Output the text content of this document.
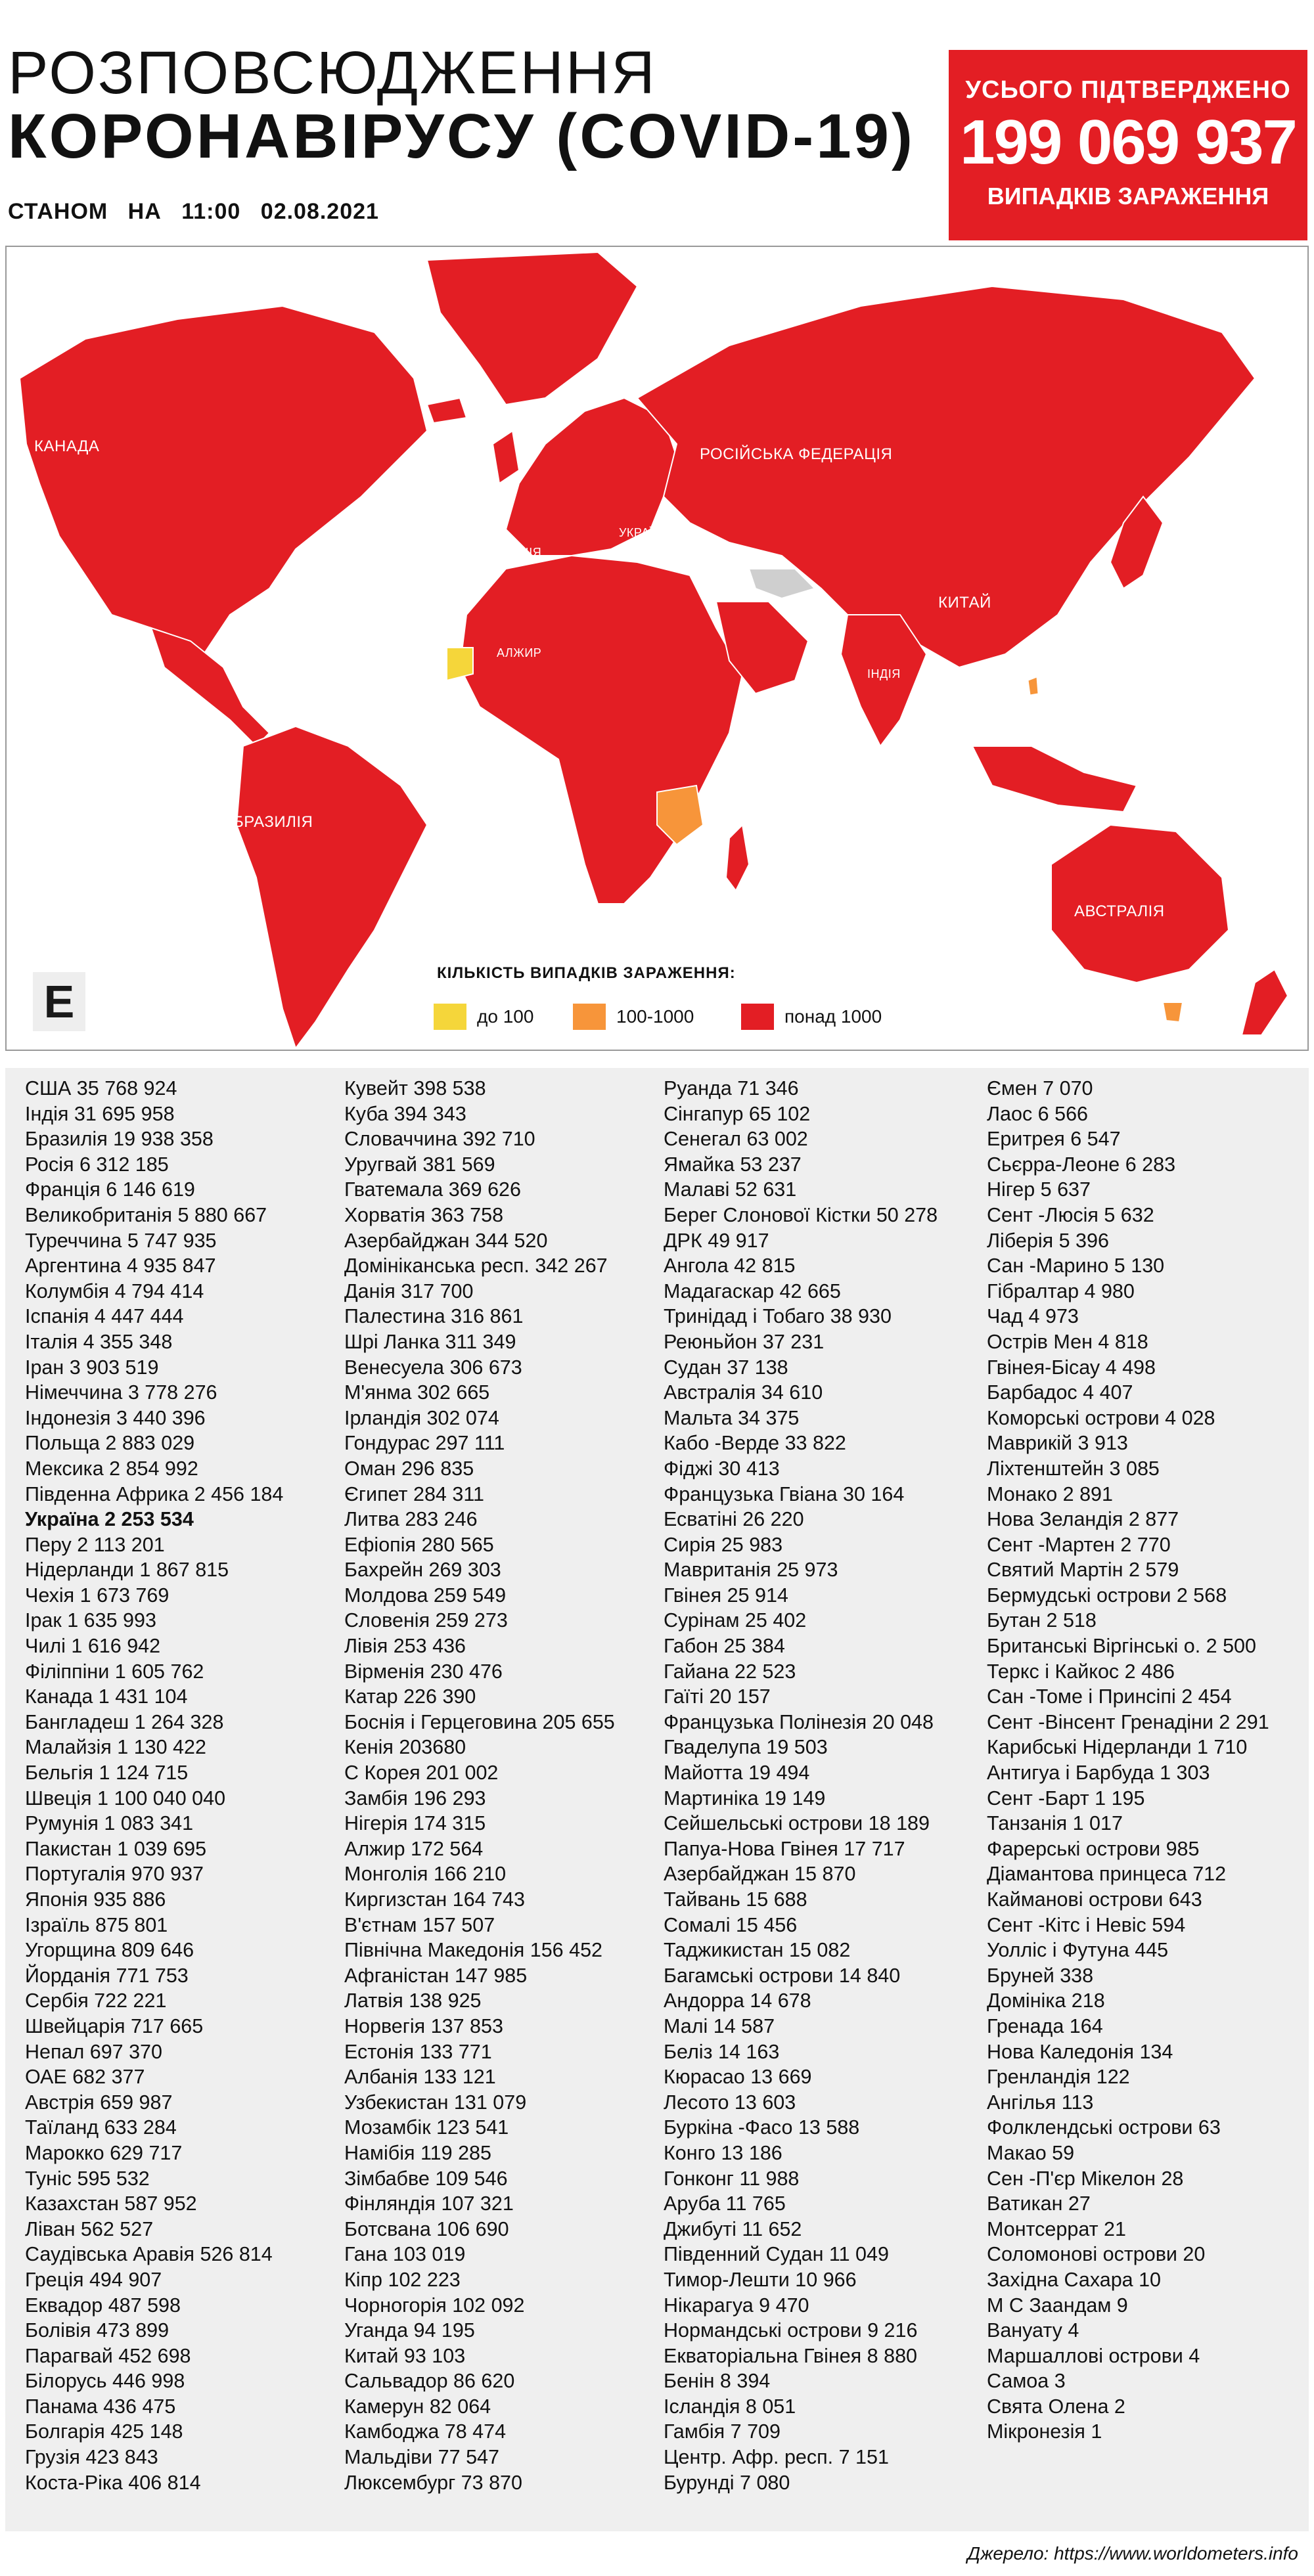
РОЗПОВСЮДЖЕННЯ
КОРОНАВІРУСУ (COVID-19)
СТАНОМ НА 11:00 02.08.2021
УСЬОГО ПІДТВЕРДЖЕНО
199 069 937
ВИПАДКІВ ЗАРАЖЕННЯ
КАНАДА
США
БРАЗИЛІЯ
РОСІЙСЬКА ФЕДЕРАЦІЯ
УКРАЇНА
ФРАНЦІЯ
АЛЖИР
КИТАЙ
ІНДІЯ
АВСТРАЛІЯ
E
КІЛЬКІСТЬ ВИПАДКІВ ЗАРАЖЕННЯ:
до 100	100-1000	понад 1000
США 35 768 924
Індія 31 695 958
Бразилія 19 938 358
Росія 6 312 185
Франція 6 146 619
Великобританія 5 880 667
Туреччина 5 747 935
Аргентина 4 935 847
Колумбія 4 794 414
Іспанія 4 447 444
Італія 4 355 348
Іран 3 903 519
Німеччина 3 778 276
Індонезія 3 440 396
Польща 2 883 029
Мексика 2 854 992
Південна Африка 2 456 184
Україна 2 253 534
Перу 2 113 201
Нідерланди 1 867 815
Чехія 1 673 769
Ірак 1 635 993
Чилі 1 616 942
Філіппіни 1 605 762
Канада 1 431 104
Бангладеш 1 264 328
Малайзія 1 130 422
Бельгія 1 124 715
Швеція 1 100 040 040
Румунія 1 083 341
Пакистан 1 039 695
Португалія 970 937
Японія 935 886
Ізраїль 875 801
Угорщина 809 646
Йорданія 771 753
Сербія 722 221
Швейцарія 717 665
Непал 697 370
ОАЕ 682 377
Австрія 659 987
Таїланд 633 284
Марокко 629 717
Туніс 595 532
Казахстан 587 952
Ліван 562 527
Саудівська Аравія 526 814
Греція 494 907
Еквадор 487 598
Болівія 473 899
Парагвай 452 698
Білорусь 446 998
Панама 436 475
Болгарія 425 148
Грузія 423 843
Коста-Ріка 406 814
Кувейт 398 538
Куба 394 343
Словаччина 392 710
Уругвай 381 569
Гватемала 369 626
Хорватія 363 758
Азербайджан 344 520
Домініканська респ. 342 267
Данія 317 700
Палестина 316 861
Шрі Ланка 311 349
Венесуела 306 673
М'янма 302 665
Ірландія 302 074
Гондурас 297 111
Оман 296 835
Єгипет 284 311
Литва 283 246
Ефіопія 280 565
Бахрейн 269 303
Молдова 259 549
Словенія 259 273
Лівія 253 436
Вірменія 230 476
Катар 226 390
Боснія і Герцеговина 205 655
Кенія 203680
С Корея 201 002
Замбія 196 293
Нігерія 174 315
Алжир 172 564
Монголія 166 210
Киргизстан 164 743
В'єтнам 157 507
Північна Македонія 156 452
Афганістан 147 985
Латвія 138 925
Норвегія 137 853
Естонія 133 771
Албанія 133 121
Узбекистан 131 079
Мозамбік 123 541
Намібія 119 285
Зімбабве 109 546
Фінляндія 107 321
Ботсвана 106 690
Гана 103 019
Кіпр 102 223
Чорногорія 102 092
Уганда 94 195
Китай 93 103
Сальвадор 86 620
Камерун 82 064
Камбоджа 78 474
Мальдіви 77 547
Люксембург 73 870
Руанда 71 346
Сінгапур 65 102
Сенегал 63 002
Ямайка 53 237
Малаві 52 631
Берег Слонової Кістки 50 278
ДРК 49 917
Ангола 42 815
Мадагаскар 42 665
Тринідад і Тобаго 38 930
Реюньйон 37 231
Судан 37 138
Австралія 34 610
Мальта 34 375
Кабо -Верде 33 822
Фіджі 30 413
Французька Гвіана 30 164
Есватіні 26 220
Сирія 25 983
Мавританія 25 973
Гвінея 25 914
Сурінам 25 402
Габон 25 384
Гайана 22 523
Гаїті 20 157
Французька Полінезія 20 048
Гваделупа 19 503
Майотта 19 494
Мартиніка 19 149
Сейшельські острови 18 189
Папуа-Нова Гвінея 17 717
Азербайджан 15 870
Тайвань 15 688
Сомалі 15 456
Таджикистан 15 082
Багамські острови 14 840
Андорра 14 678
Малі 14 587
Беліз 14 163
Кюрасао 13 669
Лесото 13 603
Буркіна -Фасо 13 588
Конго 13 186
Гонконг 11 988
Аруба 11 765
Джибуті 11 652
Південний Судан 11 049
Тимор-Лешти 10 966
Нікарагуа 9 470
Нормандські острови 9 216
Екваторіальна Гвінея 8 880
Бенін 8 394
Ісландія 8 051
Гамбія 7 709
Центр. Афр. респ. 7 151
Бурунді 7 080
Ємен 7 070
Лаос 6 566
Еритрея 6 547
Сьєрра-Леоне 6 283
Нігер 5 637
Сент -Люсія 5 632
Ліберія 5 396
Сан -Марино 5 130
Гібралтар 4 980
Чад 4 973
Острів Мен 4 818
Гвінея-Бісау 4 498
Барбадос 4 407
Коморські острови 4 028
Маврикій 3 913
Ліхтенштейн 3 085
Монако 2 891
Нова Зеландія 2 877
Сент -Мартен 2 770
Святий Мартін 2 579
Бермудські острови 2 568
Бутан 2 518
Британські Віргінські о. 2 500
Теркс і Кайкос 2 486
Сан -Томе і Принсіпі 2 454
Сент -Вінсент Гренадіни 2 291
Карибські Нідерланди 1 710
Антигуа і Барбуда 1 303
Сент -Барт 1 195
Танзанія 1 017
Фарерські острови 985
Діамантова принцеса 712
Кайманові острови 643
Сент -Кітс і Невіс 594
Уолліс і Футуна 445
Бруней 338
Домініка 218
Гренада 164
Нова Каледонія 134
Гренландія 122
Ангілья 113
Фолклендські острови 63
Макао 59
Сен -П'єр Мікелон 28
Ватикан 27
Монтсеррат 21
Соломонові острови 20
Західна Сахара 10
М С Заандам 9
Вануату 4
Маршаллові острови 4
Самоа 3
Свята Олена 2
Мікронезія 1
Джерело: https://www.worldometers.info
